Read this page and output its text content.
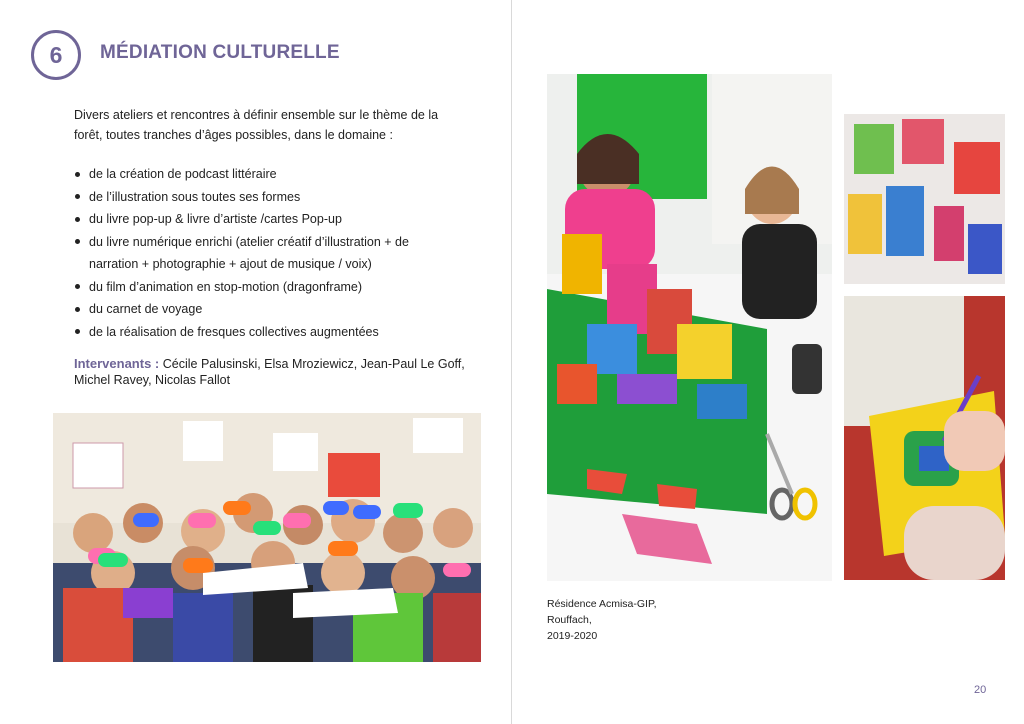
6	MÉDIATION CULTURELLE
Divers ateliers et rencontres à définir ensemble sur le thème de la forêt, toutes tranches d’âges possibles, dans le domaine :
de la création de podcast littéraire
de l’illustration sous toutes ses formes
du livre pop-up & livre d’artiste /cartes Pop-up
du livre numérique enrichi (atelier créatif d’illustration + de narration + photographie + ajout de musique / voix)
du film d’animation en stop-motion (dragonframe)
du carnet de voyage
de la réalisation de fresques collectives augmentées
Intervenants : Cécile Palusinski, Elsa Mroziewicz, Jean-Paul Le Goff, Michel Ravey, Nicolas Fallot
Résidence Acmisa-GIP,
Rouffach,
2019-2020
20
